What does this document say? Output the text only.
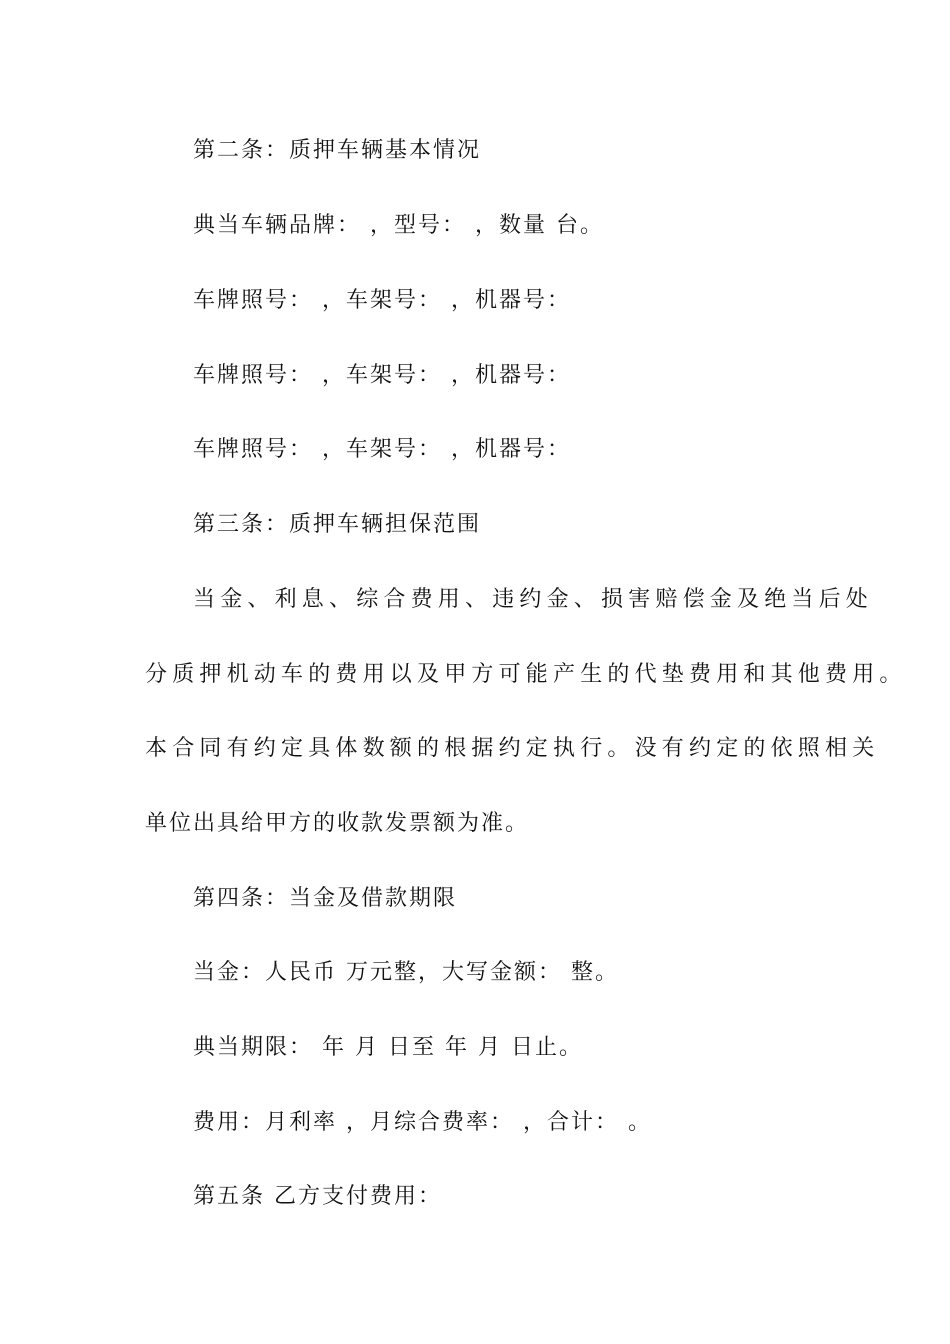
第二条：质押车辆基本情况
典当车辆品牌： ，型号： ，数量 台。
车牌照号： ，车架号： ，机器号：
车牌照号： ，车架号： ，机器号：
车牌照号： ，车架号： ，机器号：
第三条：质押车辆担保范围
当金、利息、综合费用、违约金、损害赔偿金及绝当后处
分质押机动车的费用以及甲方可能产生的代垫费用和其他费用。
本合同有约定具体数额的根据约定执行。没有约定的依照相关
单位出具给甲方的收款发票额为准。
第四条：当金及借款期限
当金：人民币 万元整，大写金额： 整。
典当期限： 年 月 日至 年 月 日止。
费用：月利率 ，月综合费率： ，合计： 。
第五条 乙方支付费用：
